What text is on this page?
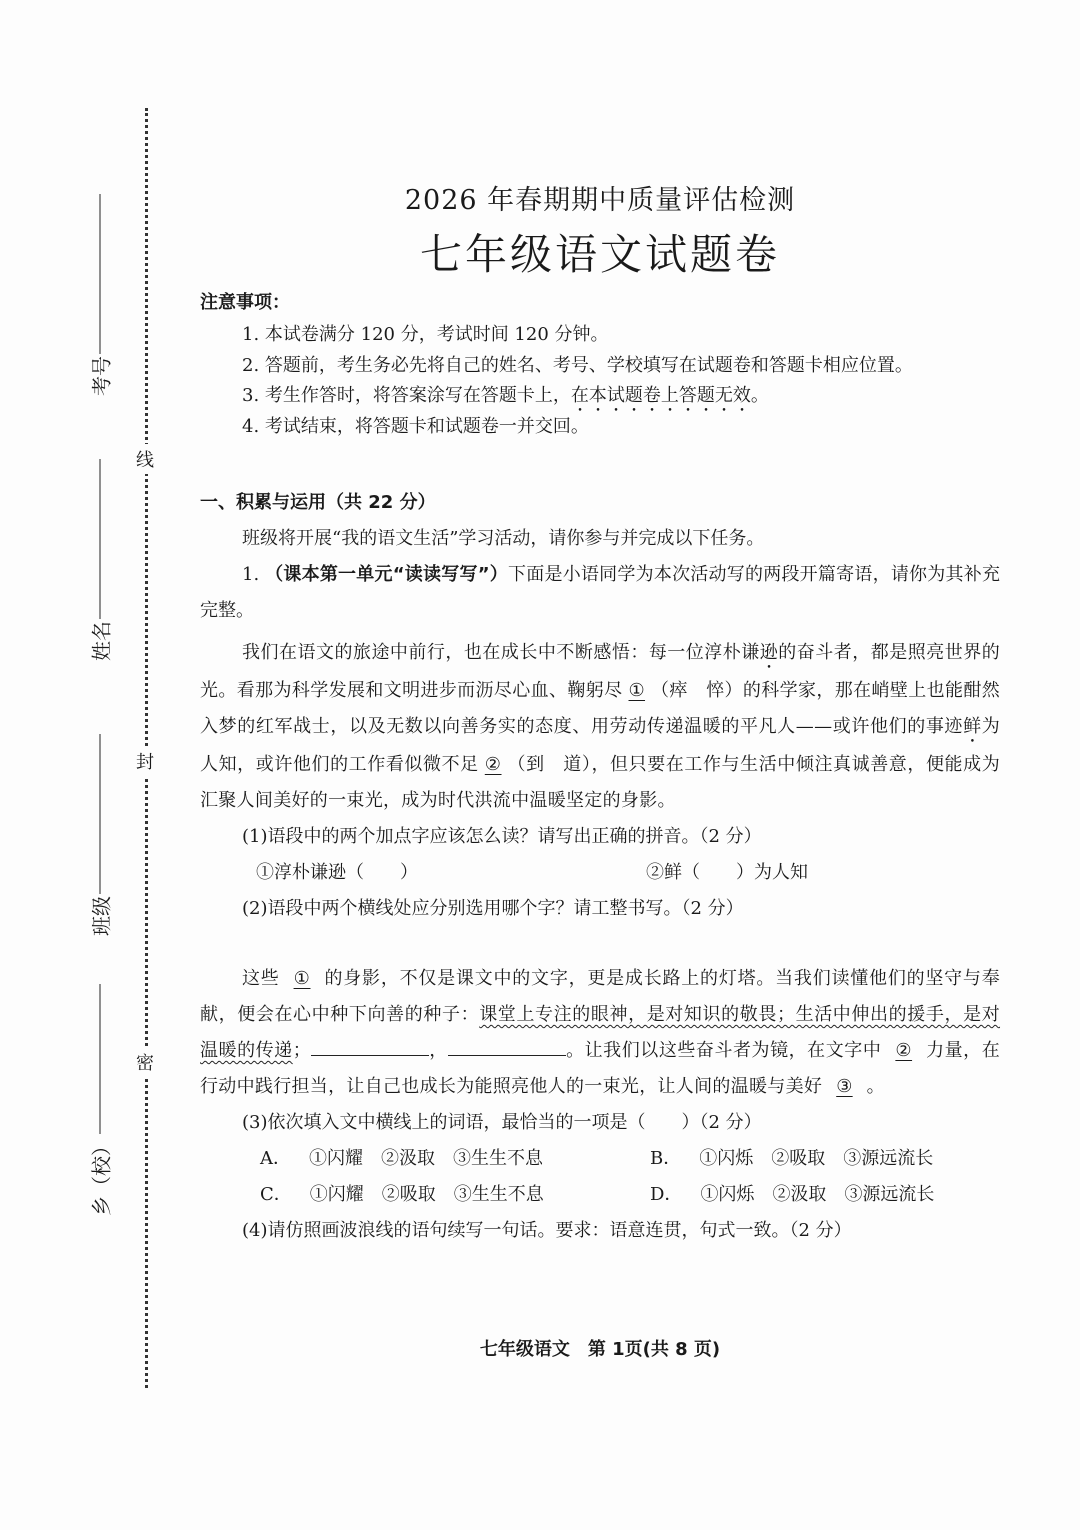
线
封
密
考号
姓名
班级
乡（校）
2026 年春期期中质量评估检测
七年级语文试题卷
注意事项：
1. 本试卷满分 120 分，考试时间 120 分钟。
2. 答题前，考生务必先将自己的姓名、考号、学校填写在试题卷和答题卡相应位置。
3. 考生作答时，将答案涂写在答题卡上，在本试题卷上答题无效。
4. 考试结束，将答题卡和试题卷一并交回。
一、积累与运用（共 22 分）
班级将开展“我的语文生活”学习活动，请你参与并完成以下任务。
1. （课本第一单元“读读写写”）下面是小语同学为本次活动写的两段开篇寄语，请你为其补充完整。
我们在语文的旅途中前行，也在成长中不断感悟：每一位淳朴谦逊的奋斗者，都是照亮世界的光。看那为科学发展和文明进步而沥尽心血、鞠躬尽 ① （瘁　悴）的科学家，那在峭壁上也能酣然入梦的红军战士，以及无数以向善务实的态度、用劳动传递温暖的平凡人——或许他们的事迹鲜为人知，或许他们的工作看似微不足 ② （到　道），但只要在工作与生活中倾注真诚善意，便能成为汇聚人间美好的一束光，成为时代洪流中温暖坚定的身影。
(1)语段中的两个加点字应该怎么读？请写出正确的拼音。（2 分）
①淳朴谦逊（　　）	②鲜（　　）为人知
(2)语段中两个横线处应分别选用哪个字？请工整书写。（2 分）
这些 ① 的身影，不仅是课文中的文字，更是成长路上的灯塔。当我们读懂他们的坚守与奉献，便会在心中种下向善的种子：课堂上专注的眼神，是对知识的敬畏；生活中伸出的援手，是对温暖的传递；	，	。让我们以这些奋斗者为镜，在文字中 ② 力量，在行动中践行担当，让自己也成长为能照亮他人的一束光，让人间的温暖与美好 ③ 。
(3)依次填入文中横线上的词语，最恰当的一项是（　　）（2 分）
A． ①闪耀 ②汲取 ③生生不息	B． ①闪烁 ②吸取 ③源远流长
C． ①闪耀 ②吸取 ③生生不息	D． ①闪烁 ②汲取 ③源远流长
(4)请仿照画波浪线的语句续写一句话。要求：语意连贯，句式一致。（2 分）
七年级语文　第 1页(共 8 页)
